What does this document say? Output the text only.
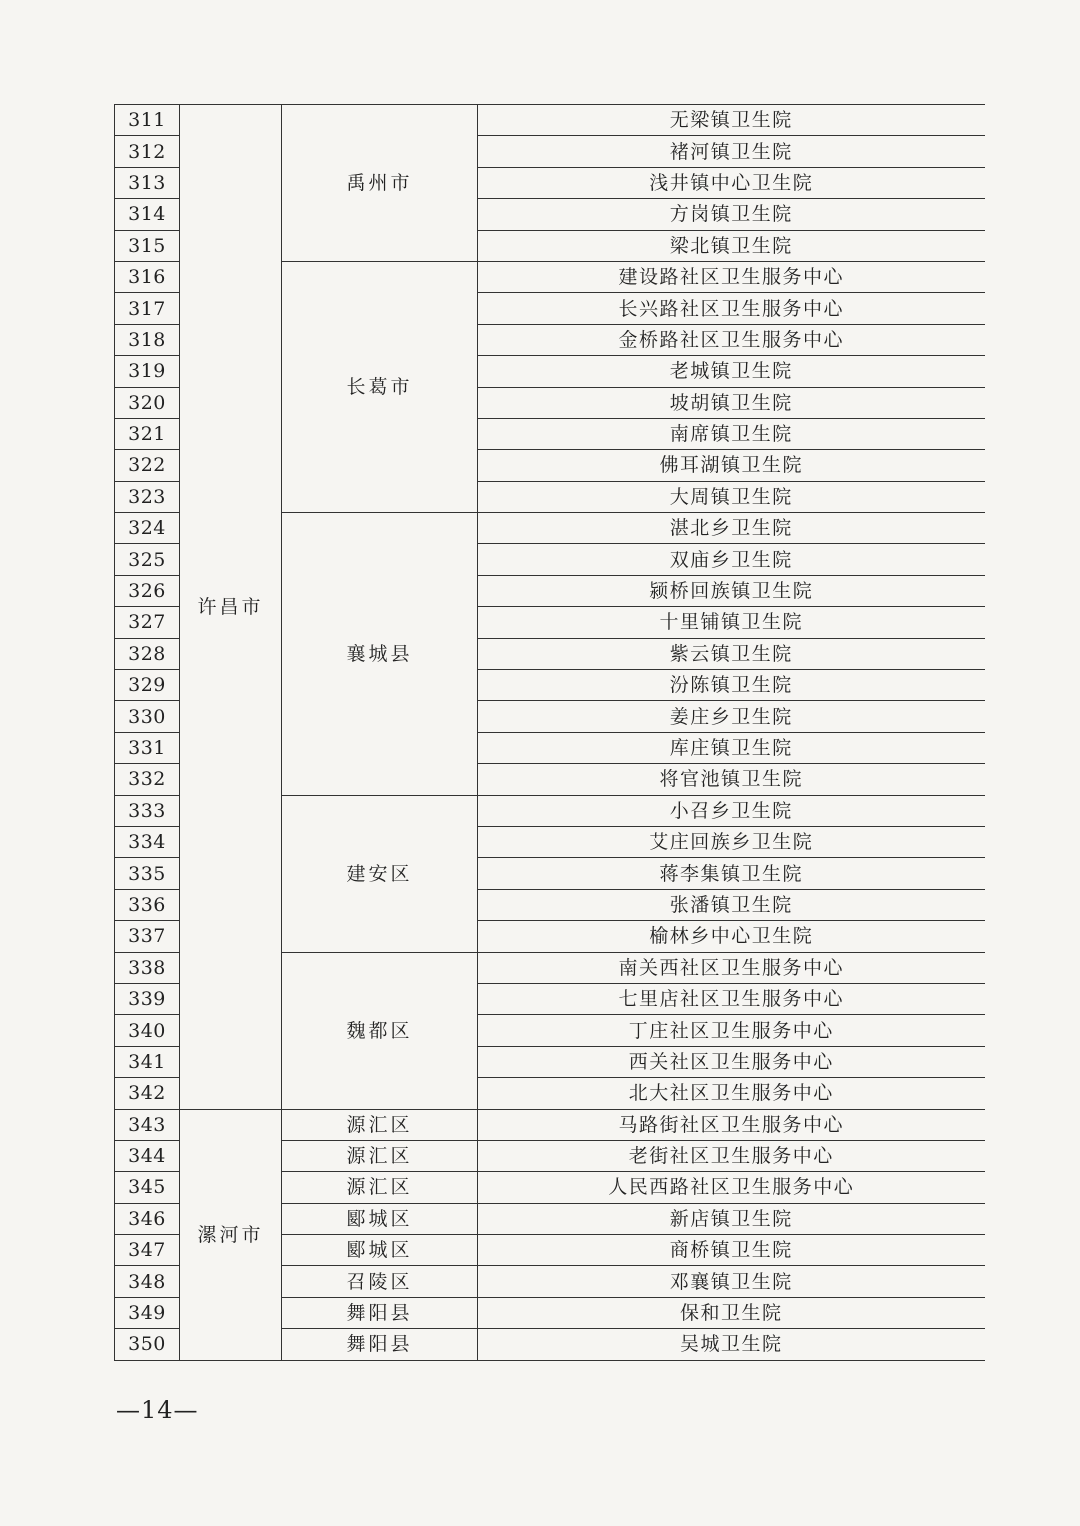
311	许昌市	禹州市	无梁镇卫生院
312			褚河镇卫生院
313			浅井镇中心卫生院
314			方岗镇卫生院
315			梁北镇卫生院
316		长葛市	建设路社区卫生服务中心
317			长兴路社区卫生服务中心
318			金桥路社区卫生服务中心
319			老城镇卫生院
320			坡胡镇卫生院
321			南席镇卫生院
322			佛耳湖镇卫生院
323			大周镇卫生院
324		襄城县	湛北乡卫生院
325			双庙乡卫生院
326			颍桥回族镇卫生院
327			十里铺镇卫生院
328			紫云镇卫生院
329			汾陈镇卫生院
330			姜庄乡卫生院
331			库庄镇卫生院
332			将官池镇卫生院
333		建安区	小召乡卫生院
334			艾庄回族乡卫生院
335			蒋李集镇卫生院
336			张潘镇卫生院
337			榆林乡中心卫生院
338		魏都区	南关西社区卫生服务中心
339			七里店社区卫生服务中心
340			丁庄社区卫生服务中心
341			西关社区卫生服务中心
342			北大社区卫生服务中心
343	漯河市	源汇区	马路街社区卫生服务中心
344		源汇区	老街社区卫生服务中心
345		源汇区	人民西路社区卫生服务中心
346		郾城区	新店镇卫生院
347		郾城区	商桥镇卫生院
348		召陵区	邓襄镇卫生院
349		舞阳县	保和卫生院
350		舞阳县	吴城卫生院
—14—
